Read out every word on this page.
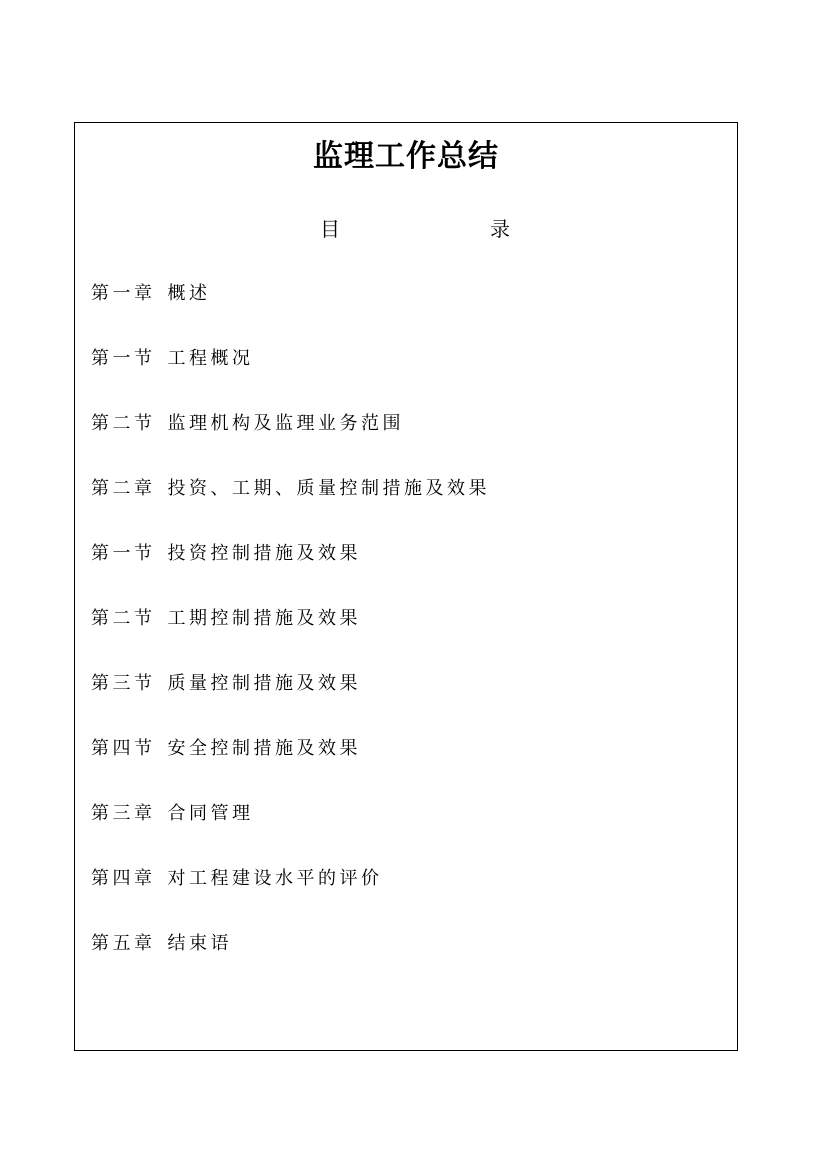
监理工作总结
目	录
第一章 概述
第一节 工程概况
第二节 监理机构及监理业务范围
第二章 投资、工期、质量控制措施及效果
第一节 投资控制措施及效果
第二节 工期控制措施及效果
第三节 质量控制措施及效果
第四节 安全控制措施及效果
第三章 合同管理
第四章 对工程建设水平的评价
第五章 结束语
